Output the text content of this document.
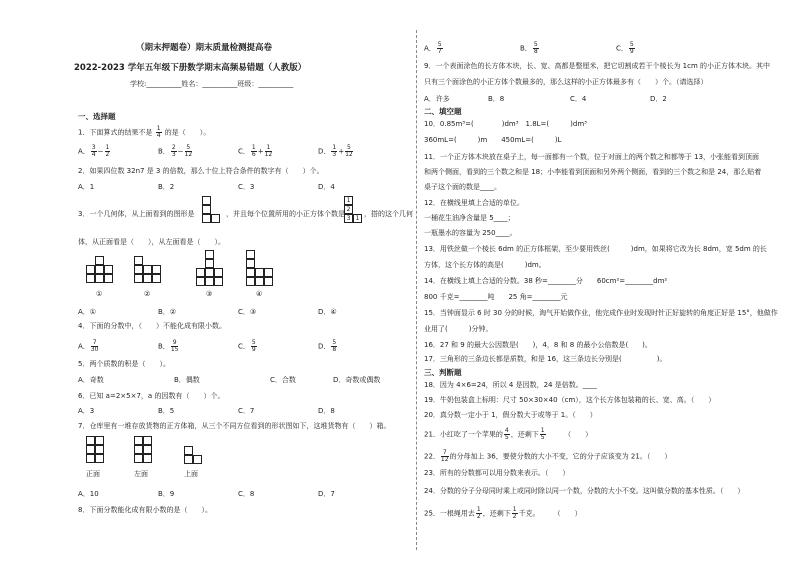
（期末押题卷）期末质量检测提高卷
2022-2023 学年五年级下册数学期末高频易错题（人教版）
学校:__________姓名：__________班级：__________
一、选择题
1．下面算式的结果不是 $\frac{1}{4}$ 的是（　　）。
A． $\frac{3}{4} - \frac{1}{2}$	B． $\frac{2}{3} - \frac{5}{12}$	C． $\frac{1}{6} + \frac{1}{12}$	D． $\frac{1}{3} + \frac{5}{12}$
2．如果四位数 32n7 是 3 的倍数，那么十位上符合条件的数字有（　　）个。
A．1	B．2	C．3	D．4
3．一个几何体，从上面看到的图形是	，并且每个位置所用的小正方体个数是
1
2
3 1
，搭的这个几何
体，从正面看是（　　），从左面看是（　　）。
①	②	③	④
A．①	B．②	C．③	D．④
4．下面的分数中，（　　）不能化成有限小数。
A． $\frac{7}{30}$	B． $\frac{9}{15}$	C． $\frac{5}{9}$	D． $\frac{5}{8}$
5．两个质数的积是（　　）。
A．奇数	B．偶数	C．合数	D．奇数或偶数
6．已知 a=2×5×7，a 的因数有（　　）个。
A．3	B．5	C．7	D．8
7．仓库里有一堆存放货物的正方体箱，从三个不同方位看到的形状图如下，这堆货物有（　　）箱。
正面	左面	上面
A．10	B．9	C．8	D．7
8．下面分数能化成有限小数的是（　　）。
A． $\frac{5}{7}$	B． $\frac{5}{8}$	C． $\frac{5}{9}$
9．一个表面涂色的长方体木块，长、宽、高都是整厘米，把它切割成若干个棱长为 1cm 的小正方体木块。其中
只有三个面涂色的小正方体个数最多的，那么这样的小正方体最多有（　　）个。（请选择）
A．许多	B．8	C．4	D．2
二、填空题
10．0.85m³=(　　　　)dm³　1.8L=(　　　)dm³
360mL=(　　　)m　　450mL=(　　　)L
11．一个正方体木块放在桌子上，每一面都有一个数，位于对面上的两个数之和都等于 13，小张能看到顶面
和两个侧面，看到的三个数之和是 18；小李能看到顶面和另外两个侧面，看到的三个数之和是 24，那么贴着
桌子这个面的数是____。
12．在横线里填上合适的单位。
一桶花生油净含量是 5____；
一瓶墨水的容量为 250____。
13．用铁丝做一个棱长 6dm 的正方体框架，至少要用铁丝(　　　)dm，如果将它改为长 8dm，宽 5dm 的长
方体，这个长方体的高是(　　　)dm。
14．在横线上填上合适的分数。38 秒=________分　　60cm²=________dm²
800 千克=________吨　　25 角=________元
15．当钟面显示 6 时 30 分的时候，淘气开始做作业，他完成作业时发现时针正好旋转的角度正好是 15°，他做作
业用了(　　　)分钟。
16．27 和 9 的最大公因数是(　　)，4，8 和 8 的最小公倍数是(　　)。
17．三角形的三条边长都是质数，和是 16，这三条边长分别是(　　　　　)。
三、判断题
18．因为 4×6=24，所以 4 是因数，24 是倍数。____
19．牛奶包装盒上标明：尺寸 50×30×40（cm），这个长方体包装箱的长、宽、高。（　　）
20．真分数一定小于 1，假分数大于或等于 1。（　　）
21．小红吃了一个苹果的 $\frac{4}{5}$ ，还剩下 $\frac{1}{5}$ 　　　（　　）
22． $\frac{7}{12}$ 的分母加上 36，要使分数的大小不变，它的分子应该变为 21。（　　）
23．所有的分数都可以用分数来表示。（　　）
24．分数的分子分母同时乘上或同时除以同一个数，分数的大小不变。这叫做分数的基本性质。（　　）
25．一根绳用去 $\frac{1}{2}$ ，还剩下 $\frac{1}{2}$ 千克。　　　（　　）
